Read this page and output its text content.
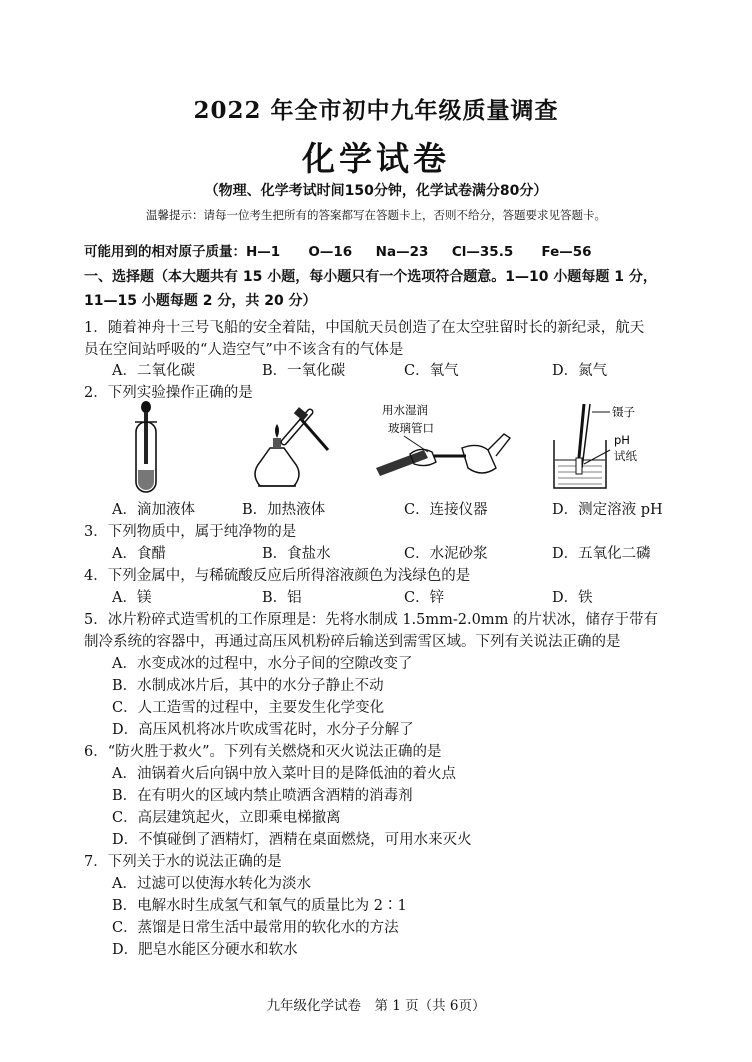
2022 年全市初中九年级质量调查
化学试卷
（物理、化学考试时间150分钟，化学试卷满分80分）
温馨提示：请每一位考生把所有的答案都写在答题卡上，否则不给分，答题要求见答题卡。
可能用到的相对原子质量：H—1 O—16 Na—23 Cl—35.5 Fe—56
一、选择题（本大题共有 15 小题，每小题只有一个选项符合题意。1—10 小题每题 1 分，
11—15 小题每题 2 分，共 20 分）
1．随着神舟十三号飞船的安全着陆，中国航天员创造了在太空驻留时长的新纪录，航天
员在空间站呼吸的“人造空气”中不该含有的气体是
A．二氧化碳	B．一氧化碳	C．氧气	D．氮气
2．下列实验操作正确的是
用水湿润
玻璃管口
镊子
pH
试纸
A．滴加液体	B．加热液体	C．连接仪器	D．测定溶液 pH
3．下列物质中，属于纯净物的是
A．食醋	B．食盐水	C．水泥砂浆	D．五氧化二磷
4．下列金属中，与稀硫酸反应后所得溶液颜色为浅绿色的是
A．镁	B．铝	C．锌	D．铁
5．冰片粉碎式造雪机的工作原理是：先将水制成 1.5mm-2.0mm 的片状冰，储存于带有
制冷系统的容器中，再通过高压风机粉碎后输送到需雪区域。下列有关说法正确的是
A．水变成冰的过程中，水分子间的空隙改变了
B．水制成冰片后，其中的水分子静止不动
C．人工造雪的过程中，主要发生化学变化
D．高压风机将冰片吹成雪花时，水分子分解了
6．“防火胜于救火”。下列有关燃烧和灭火说法正确的是
A．油锅着火后向锅中放入菜叶目的是降低油的着火点
B．在有明火的区域内禁止喷洒含酒精的消毒剂
C．高层建筑起火，立即乘电梯撤离
D．不慎碰倒了酒精灯，酒精在桌面燃烧，可用水来灭火
7．下列关于水的说法正确的是
A．过滤可以使海水转化为淡水
B．电解水时生成氢气和氧气的质量比为 2∶1
C．蒸馏是日常生活中最常用的软化水的方法
D．肥皂水能区分硬水和软水
九年级化学试卷　第 1 页（共 6页）
